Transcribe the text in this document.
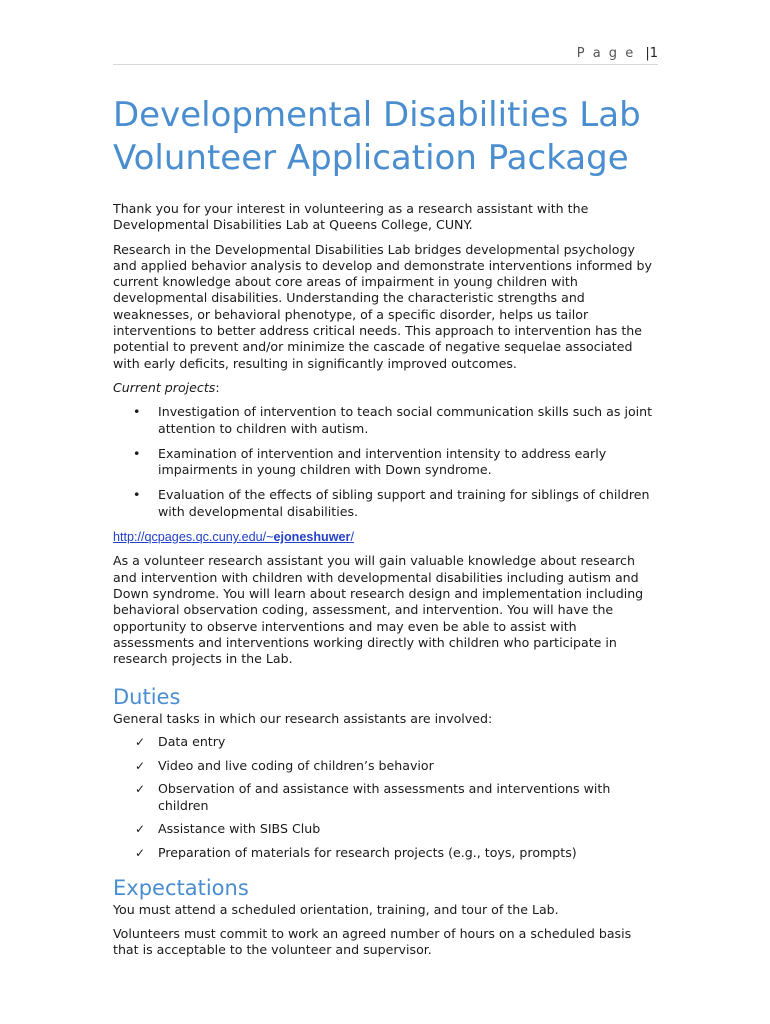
P a g e |1
Developmental Disabilities Lab
Volunteer Application Package

Thank you for your interest in volunteering as a research assistant with the Developmental Disabilities Lab at Queens College, CUNY.

Research in the Developmental Disabilities Lab bridges developmental psychology and applied behavior analysis to develop and demonstrate interventions informed by current knowledge about core areas of impairment in young children with developmental disabilities. Understanding the characteristic strengths and weaknesses, or behavioral phenotype, of a specific disorder, helps us tailor interventions to better address critical needs. This approach to intervention has the potential to prevent and/or minimize the cascade of negative sequelae associated with early deficits, resulting in significantly improved outcomes.

Current projects:

• Investigation of intervention to teach social communication skills such as joint attention to children with autism.
• Examination of intervention and intervention intensity to address early impairments in young children with Down syndrome.
• Evaluation of the effects of sibling support and training for siblings of children with developmental disabilities.

http://qcpages.qc.cuny.edu/~ejoneshuwer/

As a volunteer research assistant you will gain valuable knowledge about research and intervention with children with developmental disabilities including autism and Down syndrome. You will learn about research design and implementation including behavioral observation coding, assessment, and intervention. You will have the opportunity to observe interventions and may even be able to assist with assessments and interventions working directly with children who participate in research projects in the Lab.

Duties

General tasks in which our research assistants are involved:

✓ Data entry
✓ Video and live coding of children’s behavior
✓ Observation of and assistance with assessments and interventions with children
✓ Assistance with SIBS Club
✓ Preparation of materials for research projects (e.g., toys, prompts)
Expectations

You must attend a scheduled orientation, training, and tour of the Lab.

Volunteers must commit to work an agreed number of hours on a scheduled basis that is acceptable to the volunteer and supervisor.
